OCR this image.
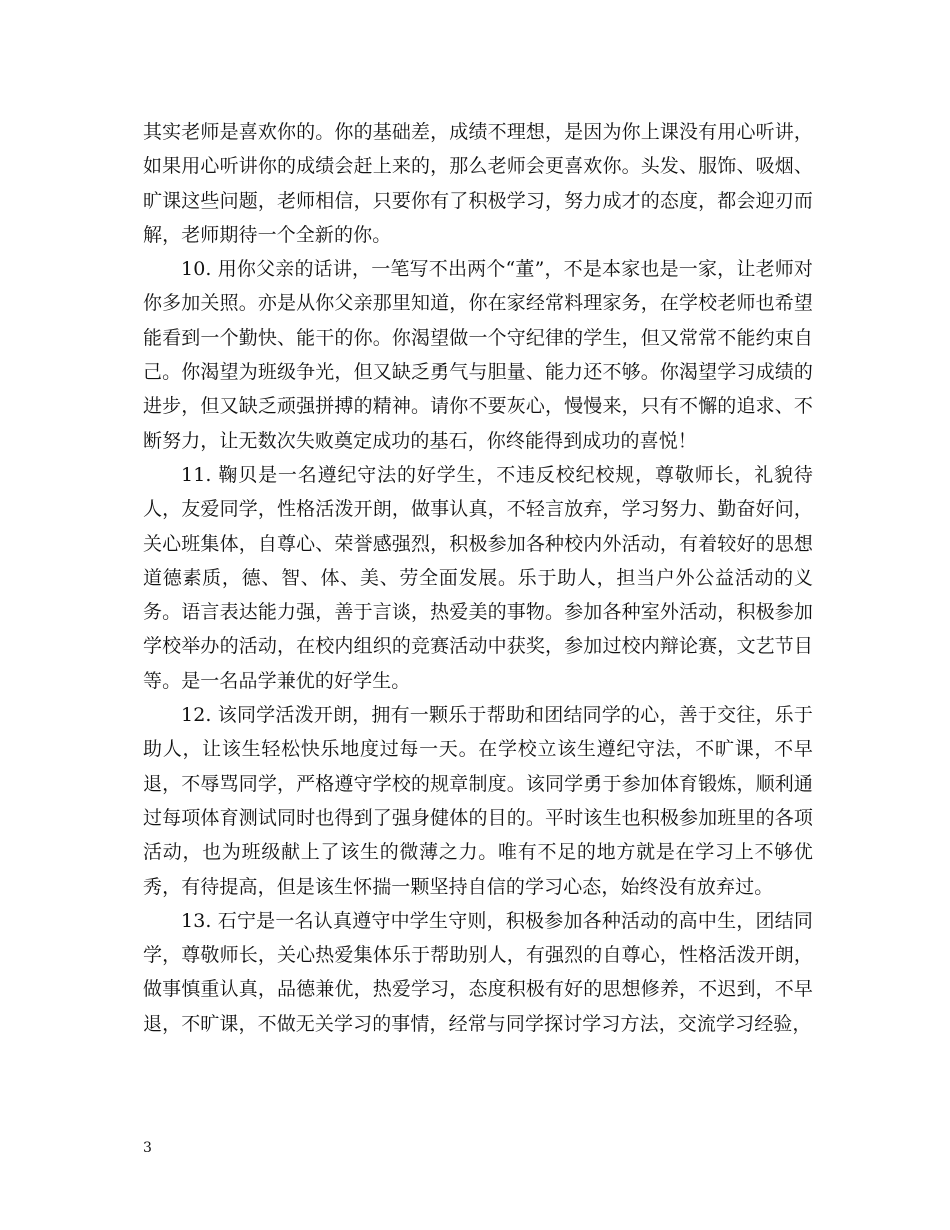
其实老师是喜欢你的。你的基础差，成绩不理想，是因为你上课没有用心听讲，如果用心听讲你的成绩会赶上来的，那么老师会更喜欢你。头发、服饰、吸烟、旷课这些问题，老师相信，只要你有了积极学习，努力成才的态度，都会迎刃而解，老师期待一个全新的你。

10. 用你父亲的话讲，一笔写不出两个“董”，不是本家也是一家，让老师对你多加关照。亦是从你父亲那里知道，你在家经常料理家务，在学校老师也希望能看到一个勤快、能干的你。你渴望做一个守纪律的学生，但又常常不能约束自己。你渴望为班级争光，但又缺乏勇气与胆量、能力还不够。你渴望学习成绩的进步，但又缺乏顽强拼搏的精神。请你不要灰心，慢慢来，只有不懈的追求、不断努力，让无数次失败奠定成功的基石，你终能得到成功的喜悦！

11. 鞠贝是一名遵纪守法的好学生，不违反校纪校规，尊敬师长，礼貌待人，友爱同学，性格活泼开朗，做事认真，不轻言放弃，学习努力、勤奋好问，关心班集体，自尊心、荣誉感强烈，积极参加各种校内外活动，有着较好的思想道德素质，德、智、体、美、劳全面发展。乐于助人，担当户外公益活动的义务。语言表达能力强，善于言谈，热爱美的事物。参加各种室外活动，积极参加学校举办的活动，在校内组织的竞赛活动中获奖，参加过校内辩论赛，文艺节目等。是一名品学兼优的好学生。

12. 该同学活泼开朗，拥有一颗乐于帮助和团结同学的心，善于交往，乐于助人，让该生轻松快乐地度过每一天。在学校立该生遵纪守法，不旷课，不早退，不辱骂同学，严格遵守学校的规章制度。该同学勇于参加体育锻炼，顺利通过每项体育测试同时也得到了强身健体的目的。平时该生也积极参加班里的各项活动，也为班级献上了该生的微薄之力。唯有不足的地方就是在学习上不够优秀，有待提高，但是该生怀揣一颗坚持自信的学习心态，始终没有放弃过。

13. 石宁是一名认真遵守中学生守则，积极参加各种活动的高中生，团结同学，尊敬师长，关心热爱集体乐于帮助别人，有强烈的自尊心，性格活泼开朗，做事慎重认真，品德兼优，热爱学习，态度积极有好的思想修养，不迟到，不早退，不旷课，不做无关学习的事情，经常与同学探讨学习方法，交流学习经验，

3
